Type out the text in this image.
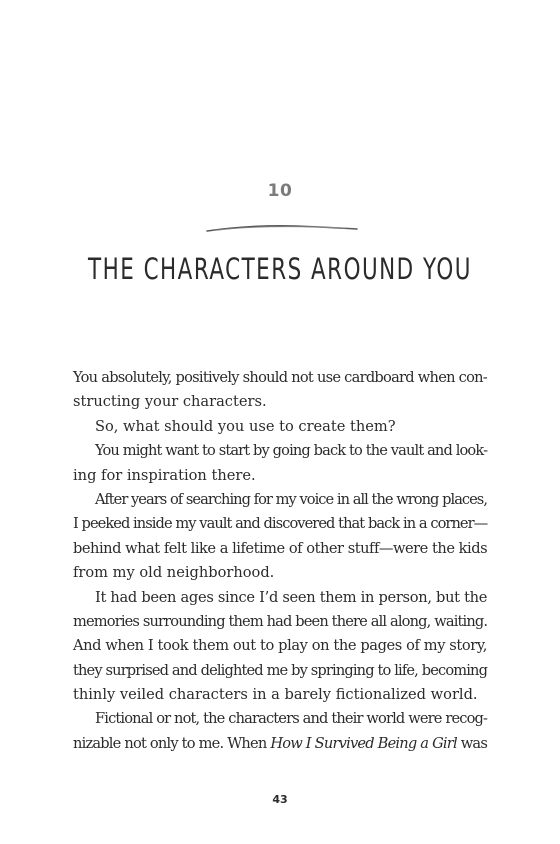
10
THE CHARACTERS AROUND YOU
You absolutely, positively should not use cardboard when con-
structing your characters.
So, what should you use to create them?
You might want to start by going back to the vault and look-
ing for inspiration there.
After years of searching for my voice in all the wrong places,
I peeked inside my vault and discovered that back in a corner—
behind what felt like a lifetime of other stuff—were the kids
from my old neighborhood.
It had been ages since I’d seen them in person, but the
memories surrounding them had been there all along, waiting.
And when I took them out to play on the pages of my story,
they surprised and delighted me by springing to life, becoming
thinly veiled characters in a barely fictionalized world.
Fictional or not, the characters and their world were recog-
nizable not only to me. When How I Survived Being a Girl was
43
